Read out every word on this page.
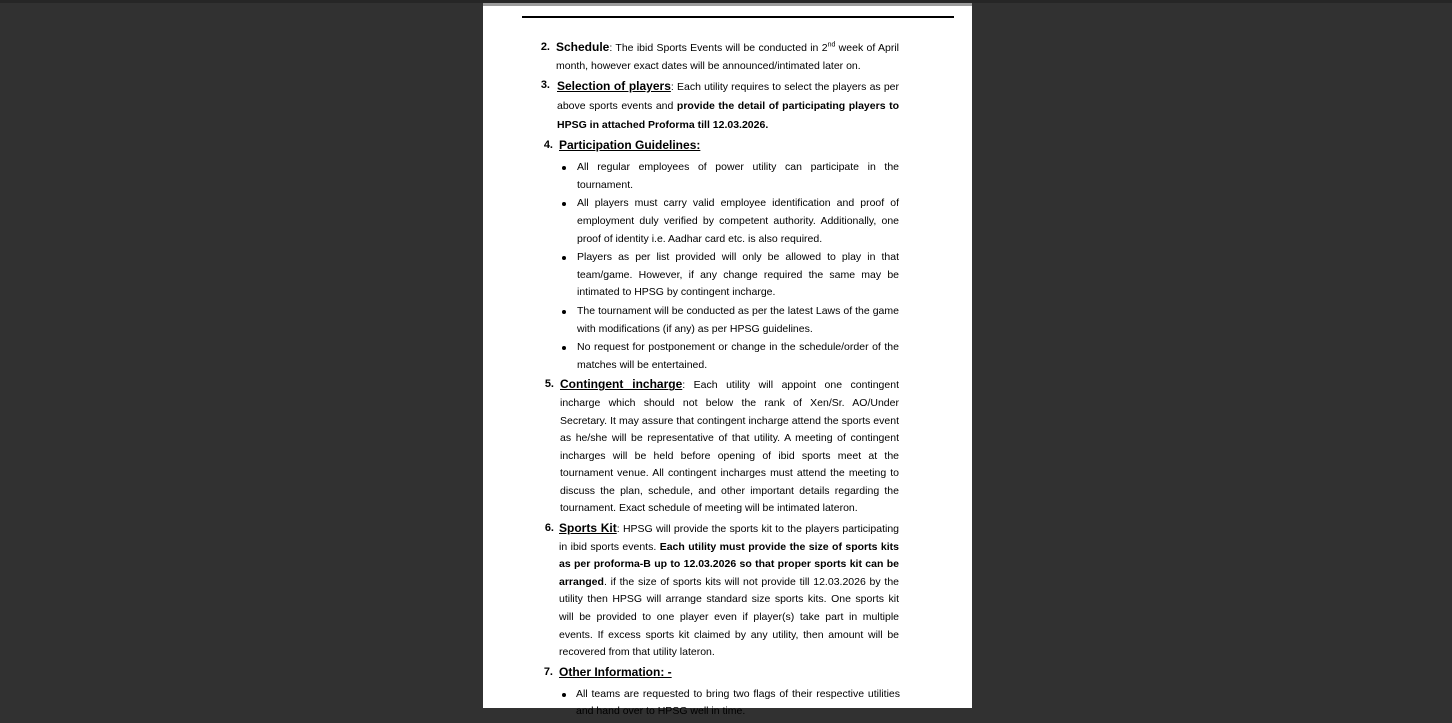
2. Schedule: The ibid Sports Events will be conducted in 2nd week of April month, however exact dates will be announced/intimated later on.
3. Selection of players: Each utility requires to select the players as per above sports events and provide the detail of participating players to HPSG in attached Proforma till 12.03.2026.
4. Participation Guidelines:
All regular employees of power utility can participate in the tournament.
All players must carry valid employee identification and proof of employment duly verified by competent authority. Additionally, one proof of identity i.e. Aadhar card etc. is also required.
Players as per list provided will only be allowed to play in that team/game. However, if any change required the same may be intimated to HPSG by contingent incharge.
The tournament will be conducted as per the latest Laws of the game with modifications (if any) as per HPSG guidelines.
No request for postponement or change in the schedule/order of the matches will be entertained.
5. Contingent incharge: Each utility will appoint one contingent incharge which should not below the rank of Xen/Sr. AO/Under Secretary. It may assure that contingent incharge attend the sports event as he/she will be representative of that utility. A meeting of contingent incharges will be held before opening of ibid sports meet at the tournament venue. All contingent incharges must attend the meeting to discuss the plan, schedule, and other important details regarding the tournament. Exact schedule of meeting will be intimated lateron.
6. Sports Kit: HPSG will provide the sports kit to the players participating in ibid sports events. Each utility must provide the size of sports kits as per proforma-B up to 12.03.2026 so that proper sports kit can be arranged. if the size of sports kits will not provide till 12.03.2026 by the utility then HPSG will arrange standard size sports kits. One sports kit will be provided to one player even if player(s) take part in multiple events. If excess sports kit claimed by any utility, then amount will be recovered from that utility lateron.
7. Other Information: -
All teams are requested to bring two flags of their respective utilities and hand over to HPSG well in time.
